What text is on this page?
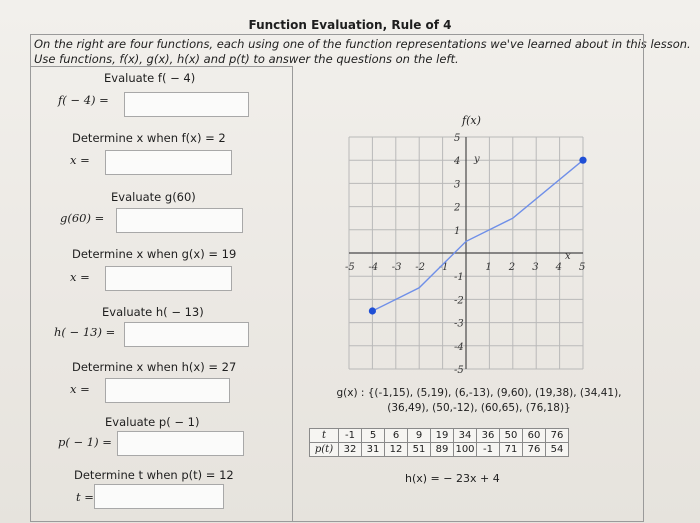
Function Evaluation, Rule of 4
On the right are four functions, each using one of the function representations we've learned about in this lesson.
Use functions, f(x), g(x), h(x) and p(t) to answer the questions on the left.
Evaluate f( − 4)
f( − 4) =
Determine x when f(x) = 2
x =
Evaluate g(60)
g(60) =
Determine x when g(x) = 19
x =
Evaluate h( − 13)
h( − 13) =
Determine x when h(x) = 27
x =
Evaluate p( − 1)
p( − 1) =
Determine t when p(t) = 12
t =
f(x)
-5 -4 -3 -2 -1	1 2 3 4 5
5
4
3
2
1
-1
-2
-3
-4
-5
x
y
g(x) : {(-1,15), (5,19), (6,-13), (9,60), (19,38), (34,41),
(36,49), (50,-12), (60,65), (76,18)}
t	-1	5	6	9	19	34	36	50	60	76
p(t)	32	31	12	51	89	100	-1	71	76	54
h(x) = − 23x + 4
